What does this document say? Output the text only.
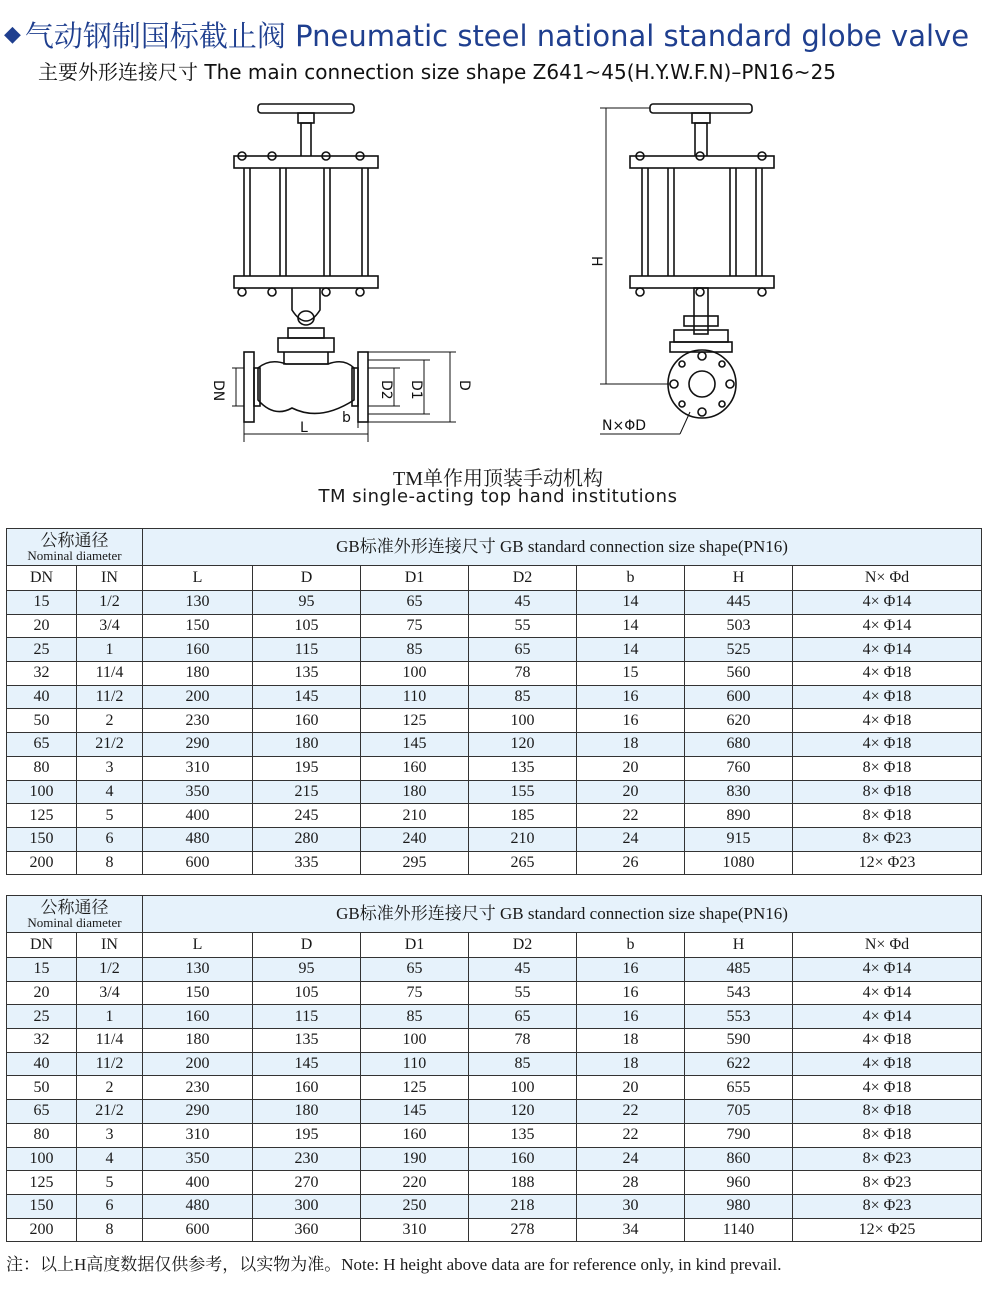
◆ 气动钢制国标截止阀 Pneumatic steel national standard globe valve
主要外形连接尺寸 The main connection size shape Z641~45(H.Y.W.F.N)–PN16~25
DN	D2 D1 D
L
b
H
N×ΦD
TM单作用顶装手动机构
TM single-acting top hand institutions
公称通径
Nominal diameter		GB标准外形连接尺寸 GB standard connection size shape(PN16)						
DN	IN	L	D	D1	D2	b	H	N× Φd
15	1/2	130	95	65	45	14	445	4× Φ14
20	3/4	150	105	75	55	14	503	4× Φ14
25	1	160	115	85	65	14	525	4× Φ14
32	11/4	180	135	100	78	15	560	4× Φ18
40	11/2	200	145	110	85	16	600	4× Φ18
50	2	230	160	125	100	16	620	4× Φ18
65	21/2	290	180	145	120	18	680	4× Φ18
80	3	310	195	160	135	20	760	8× Φ18
100	4	350	215	180	155	20	830	8× Φ18
125	5	400	245	210	185	22	890	8× Φ18
150	6	480	280	240	210	24	915	8× Φ23
200	8	600	335	295	265	26	1080	12× Φ23
公称通径
Nominal diameter		GB标准外形连接尺寸 GB standard connection size shape(PN16)						
DN	IN	L	D	D1	D2	b	H	N× Φd
15	1/2	130	95	65	45	16	485	4× Φ14
20	3/4	150	105	75	55	16	543	4× Φ14
25	1	160	115	85	65	16	553	4× Φ14
32	11/4	180	135	100	78	18	590	4× Φ18
40	11/2	200	145	110	85	18	622	4× Φ18
50	2	230	160	125	100	20	655	4× Φ18
65	21/2	290	180	145	120	22	705	8× Φ18
80	3	310	195	160	135	22	790	8× Φ18
100	4	350	230	190	160	24	860	8× Φ23
125	5	400	270	220	188	28	960	8× Φ23
150	6	480	300	250	218	30	980	8× Φ23
200	8	600	360	310	278	34	1140	12× Φ25
注：以上H高度数据仅供参考，以实物为准。Note: H height above data are for reference only, in kind prevail.
